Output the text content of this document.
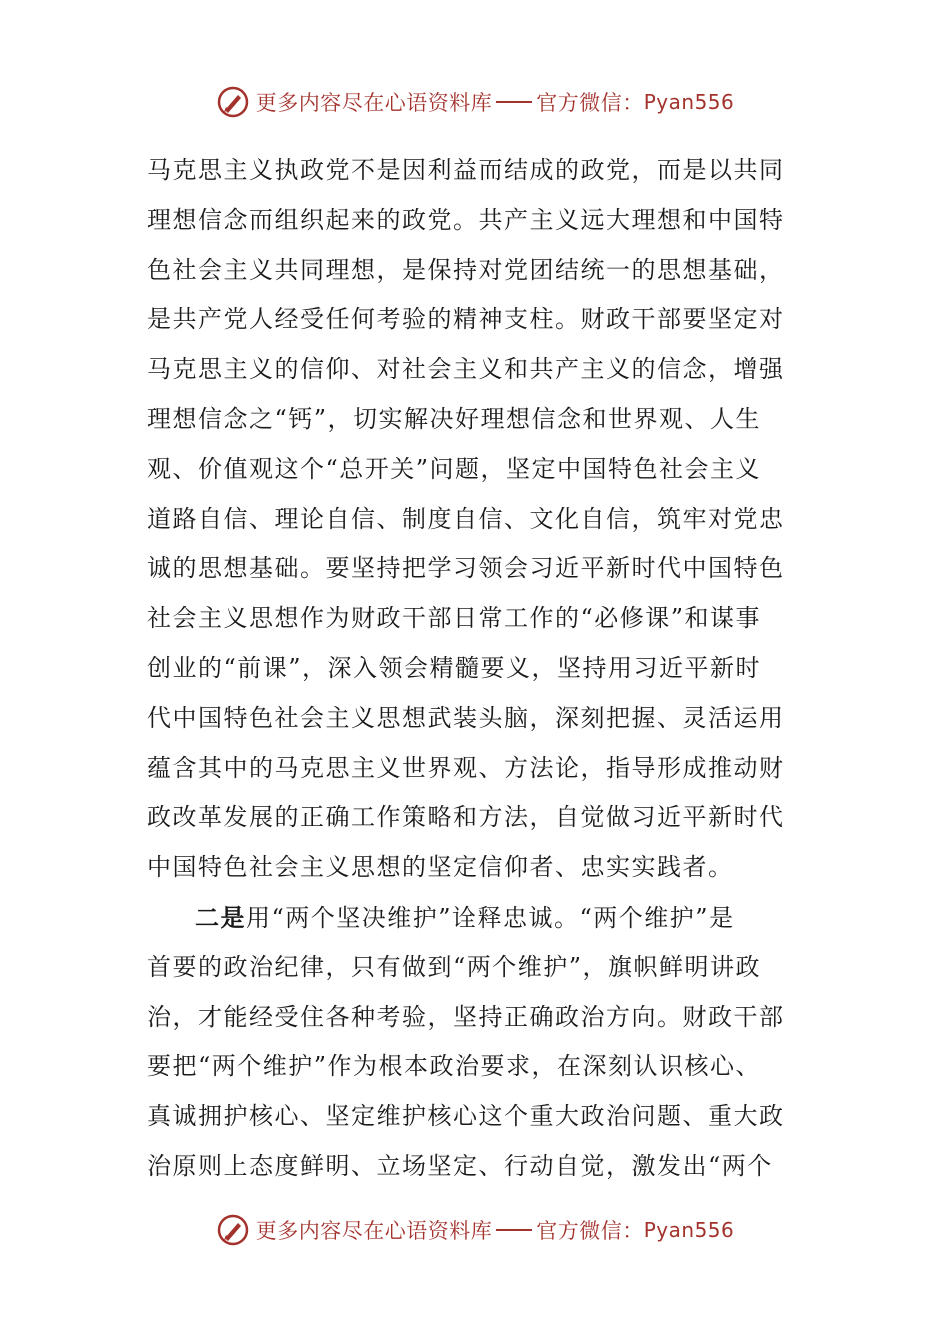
更多内容尽在心语资料库 官方微信： Pyan556
马克思主义执政党不是因利益而结成的政党，而是以共同
理想信念而组织起来的政党。共产主义远大理想和中国特
色社会主义共同理想，是保持对党团结统一的思想基础，
是共产党人经受任何考验的精神支柱。财政干部要坚定对
马克思主义的信仰、对社会主义和共产主义的信念，增强
理想信念之“钙”，切实解决好理想信念和世界观、人生
观、价值观这个“总开关”问题，坚定中国特色社会主义
道路自信、理论自信、制度自信、文化自信，筑牢对党忠
诚的思想基础。要坚持把学习领会习近平新时代中国特色
社会主义思想作为财政干部日常工作的“必修课”和谋事
创业的“前课”，深入领会精髓要义，坚持用习近平新时
代中国特色社会主义思想武装头脑，深刻把握、灵活运用
蕴含其中的马克思主义世界观、方法论，指导形成推动财
政改革发展的正确工作策略和方法，自觉做习近平新时代
中国特色社会主义思想的坚定信仰者、忠实实践者。
二是用“两个坚决维护”诠释忠诚。“两个维护”是
首要的政治纪律，只有做到“两个维护”，旗帜鲜明讲政
治，才能经受住各种考验，坚持正确政治方向。财政干部
要把“两个维护”作为根本政治要求，在深刻认识核心、
真诚拥护核心、坚定维护核心这个重大政治问题、重大政
治原则上态度鲜明、立场坚定、行动自觉，激发出“两个
更多内容尽在心语资料库 官方微信： Pyan556
